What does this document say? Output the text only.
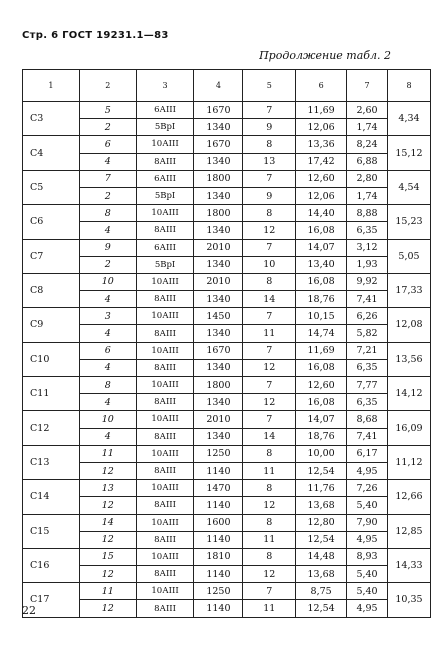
Стр. 6 ГОСТ 19231.1—83
Продолжение табл. 2
1	2	3	4	5	6	7	8
С3	5	6АIII	1670	7	11,69	2,60	4,34
	2	5ВрI	1340	9	12,06	1,74	
С4	6	10АIII	1670	8	13,36	8,24	15,12
	4	8АIII	1340	13	17,42	6,88	
С5	7	6АIII	1800	7	12,60	2,80	4,54
	2	5ВрI	1340	9	12,06	1,74	
С6	8	10АIII	1800	8	14,40	8,88	15,23
	4	8АIII	1340	12	16,08	6,35	
С7	9	6АIII	2010	7	14,07	3,12	5,05
	2	5ВрI	1340	10	13,40	1,93	
С8	10	10АIII	2010	8	16,08	9,92	17,33
	4	8АIII	1340	14	18,76	7,41	
С9	3	10АIII	1450	7	10,15	6,26	12,08
	4	8АIII	1340	11	14,74	5,82	
С10	6	10АIII	1670	7	11,69	7,21	13,56
	4	8АIII	1340	12	16,08	6,35	
С11	8	10АIII	1800	7	12,60	7,77	14,12
	4	8АIII	1340	12	16,08	6,35	
С12	10	10АIII	2010	7	14,07	8,68	16,09
	4	8АIII	1340	14	18,76	7,41	
С13	11	10АIII	1250	8	10,00	6,17	11,12
	12	8АIII	1140	11	12,54	4,95	
С14	13	10АIII	1470	8	11,76	7,26	12,66
	12	8АIII	1140	12	13,68	5,40	
С15	14	10АIII	1600	8	12,80	7,90	12,85
	12	8АIII	1140	11	12,54	4,95	
С16	15	10АIII	1810	8	14,48	8,93	14,33
	12	8АIII	1140	12	13,68	5,40	
С17	11	10АIII	1250	7	8,75	5,40	10,35
	12	8АIII	1140	11	12,54	4,95	
22
